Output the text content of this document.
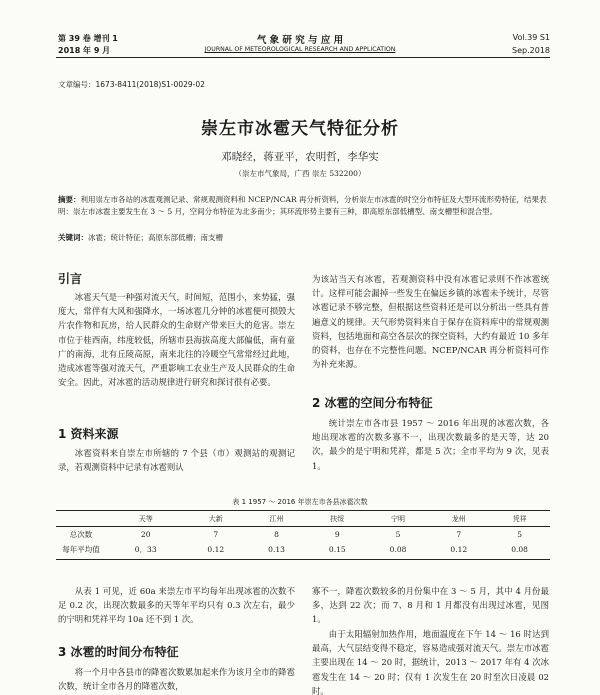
第 39 卷 增刊 1	气 象 研 究 与 应 用	Vol.39 S1
2018 年 9 月	JOURNAL OF METEOROLOGICAL RESEARCH AND APPLICATION	Sep.2018
文章编号：1673-8411(2018)S1-0029-02
崇左市冰雹天气特征分析
邓晓经，蒋亚平，农明哲，李华实
（崇左市气象局，广西 崇左 532200）
摘要：利用崇左市各站的冰雹观测记录、常规观测资料和 NCEP/NCAR 再分析资料，分析崇左市冰雹的时空分布特征及大型环流形势特征，结果表明：崇左市冰雹主要发生在 3 ～ 5 月，空间分布特征为北多南少；其环流形势主要有三种，即高原东部低槽型、南支槽型和混合型。
关键词：冰雹；统计特征；高原东部低槽；南支槽
引言

冰雹天气是一种强对流天气，时间短，范围小，来势猛，强度大，常伴有大风和强降水，一场冰雹几分钟的冰雹便可损毁大片农作物和瓦房，给人民群众的生命财产带来巨大的危害。崇左市位于桂西南，纬度较低，所辖市县海拔高度大部偏低，南有童广的南海，北有丘陵高原，南来北往的冷暖空气常常经过此地，造成冰雹等强对流天气，严重影响工农业生产及人民群众的生命安全。因此，对冰雹的活动规律进行研究和探讨很有必要。

1 资料来源

冰雹资料来自崇左市所辖的 7 个县（市）观测站的观测记录，若观测资料中记录有冰雹则认

为该站当天有冰雹，若观测资料中没有冰雹记录则不作冰雹统计。这样可能会漏掉一些发生在偏远乡镇的冰雹未予统计，尽管冰雹记录不够完整，但根据这些资料还是可以分析出一些具有普遍意义的规律。天气形势资料来自于保存在资料库中的常规观测资料，包括地面和高空各层次的探空资料，大约有最近 10 多年的资料，也存在不完整性问题。NCEP/NCAR 再分析资料可作为补充来源。

2 冰雹的空间分布特征

统计崇左市各市县 1957 ～ 2016 年出现的冰雹次数，各地出现冰雹的次数多寡不一，出现次数最多的是天等，达 20 次，最少的是宁明和凭祥，都是 5 次；全市平均为 9 次，见表 1。

表 1 1957 ～ 2016 年崇左市各县冰雹次数
	天等	大新	江州	扶绥	宁明	龙州	凭祥
总次数	20	7	8	9	5	7	5
每年平均值	0．33	0.12	0.13	0.15	0.08	0.12	0.08

从表 1 可见，近 60a 来崇左市平均每年出现冰雹的次数不足 0.2 次，出现次数最多的天等年平均只有 0.3 次左右，最少的宁明和凭祥平均 10a 还不到 1 次。

3 冰雹的时间分布特征

将一个月中各县市的降雹次数累加起来作为该月全市的降雹次数，统计全市各月的降雹次数，

寡不一，降雹次数较多的月份集中在 3 ～ 5 月，其中 4 月份最多，达到 22 次；而 7、8 月和 1 月都没有出现过冰雹，见图 1。

由于太阳辐射加热作用，地面温度在下午 14 ～ 16 时达到最高，大气层结变得不稳定，容易造成强对流天气。崇左市冰雹主要出现在 14 ～ 20 时，据统计，2013 ～ 2017 年有 4 次冰雹发生在 14 ～ 20 时；仅有 1 次发生在 20 时至次日凌晨 02 时。
